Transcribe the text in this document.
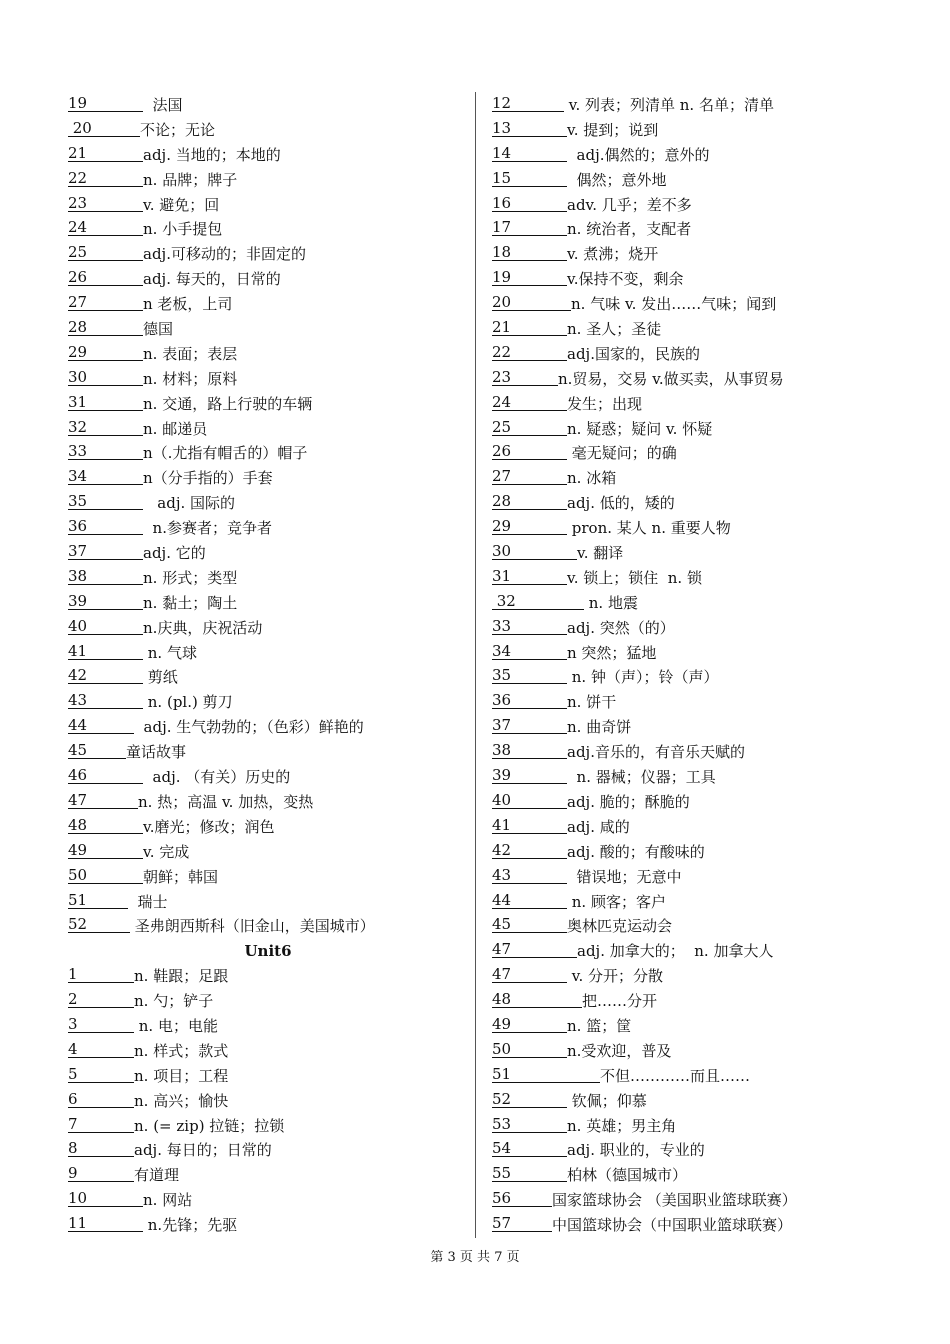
19	法国
20	不论；无论
21	adj. 当地的；本地的
22	n. 品牌；牌子
23	v. 避免；回
24	n. 小手提包
25	adj.可移动的；非固定的
26	adj. 每天的，日常的
27	n 老板，上司
28	德国
29	n. 表面；表层
30	n. 材料；原料
31	n. 交通，路上行驶的车辆
32	n. 邮递员
33	n（.尤指有帽舌的）帽子
34	n（分手指的）手套
35	adj. 国际的
36	n.参赛者；竞争者
37	adj. 它的
38	n. 形式；类型
39	n. 黏土；陶土
40	n.庆典，庆祝活动
41	n. 气球
42	剪纸
43	n. (pl.) 剪刀
44	adj. 生气勃勃的；（色彩）鲜艳的
45	童话故事
46	adj. （有关）历史的
47	n. 热；高温 v. 加热，变热
48	v.磨光；修改；润色
49	v. 完成
50	朝鲜；韩国
51	瑞士
52	圣弗朗西斯科（旧金山，美国城市）
Unit6
1	n. 鞋跟；足跟
2	n. 勺；铲子
3	n. 电；电能
4	n. 样式；款式
5	n. 项目；工程
6	n. 高兴；愉快
7	n. (= zip) 拉链；拉锁
8	adj. 每日的；日常的
9	有道理
10	n. 网站
11	n.先锋；先驱
12	v. 列表；列清单 n. 名单；清单
13	v. 提到；说到
14	adj.偶然的；意外的
15	偶然；意外地
16	adv. 几乎；差不多
17	n. 统治者，支配者
18	v. 煮沸；烧开
19	v.保持不变，剩余
20	n. 气味 v. 发出……气味；闻到
21	n. 圣人；圣徒
22	adj.国家的，民族的
23	n.贸易，交易 v.做买卖，从事贸易
24	发生；出现
25	n. 疑惑；疑问 v. 怀疑
26	毫无疑问；的确
27	n. 冰箱
28	adj. 低的，矮的
29	pron. 某人 n. 重要人物
30	v. 翻译
31	v. 锁上；锁住  n. 锁
32	n. 地震
33	adj. 突然（的）
34	n 突然；猛地
35	n. 钟（声）；铃（声）
36	n. 饼干
37	n. 曲奇饼
38	adj.音乐的，有音乐天赋的
39	n. 器械；仪器；工具
40	adj. 脆的；酥脆的
41	adj. 咸的
42	adj. 酸的；有酸味的
43	错误地；无意中
44	n. 顾客；客户
45	奥林匹克运动会
47	adj. 加拿大的；  n. 加拿大人
47	v. 分开；分散
48	把……分开
49	n. 篮；筐
50	n.受欢迎，普及
51	不但…………而且……
52	钦佩；仰慕
53	n. 英雄；男主角
54	adj. 职业的，专业的
55	柏林（德国城市）
56	国家篮球协会 （美国职业篮球联赛）
57	中国篮球协会（中国职业篮球联赛）
第 3 页 共 7 页
